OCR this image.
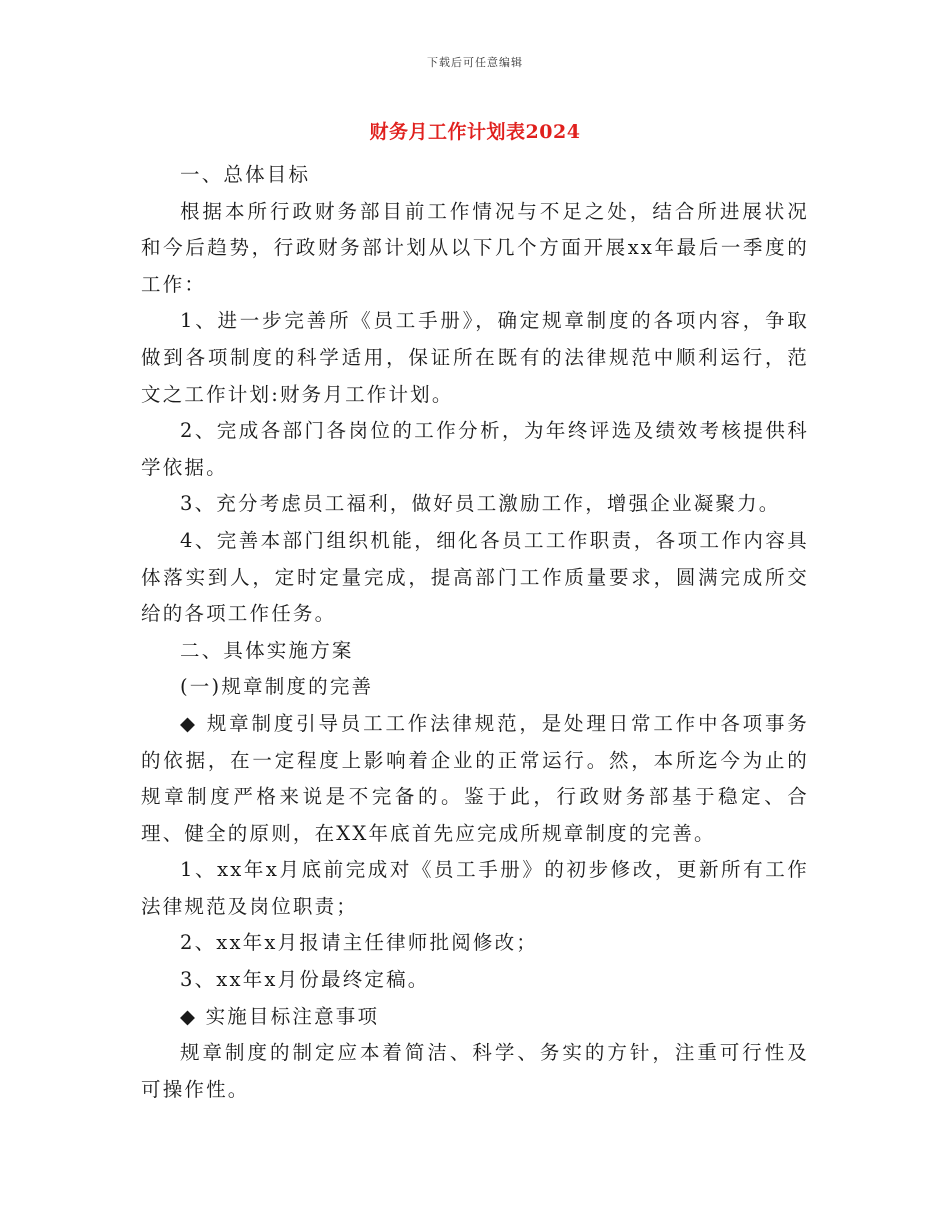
下载后可任意编辑
财务月工作计划表2024

一、总体目标

根据本所行政财务部目前工作情况与不足之处，结合所进展状况和今后趋势，行政财务部计划从以下几个方面开展xx年最后一季度的工作：

1、进一步完善所《员工手册》，确定规章制度的各项内容，争取做到各项制度的科学适用，保证所在既有的法律规范中顺利运行，范文之工作计划:财务月工作计划。

2、完成各部门各岗位的工作分析，为年终评选及绩效考核提供科学依据。

3、充分考虑员工福利，做好员工激励工作，增强企业凝聚力。

4、完善本部门组织机能，细化各员工工作职责，各项工作内容具体落实到人，定时定量完成，提高部门工作质量要求，圆满完成所交给的各项工作任务。

二、具体实施方案

(一)规章制度的完善

◆ 规章制度引导员工工作法律规范，是处理日常工作中各项事务的依据，在一定程度上影响着企业的正常运行。然，本所迄今为止的规章制度严格来说是不完备的。鉴于此，行政财务部基于稳定、合理、健全的原则，在XX年底首先应完成所规章制度的完善。

1、xx年x月底前完成对《员工手册》的初步修改，更新所有工作法律规范及岗位职责；

2、xx年x月报请主任律师批阅修改；

3、xx年x月份最终定稿。

◆ 实施目标注意事项

规章制度的制定应本着简洁、科学、务实的方针，注重可行性及可操作性。
